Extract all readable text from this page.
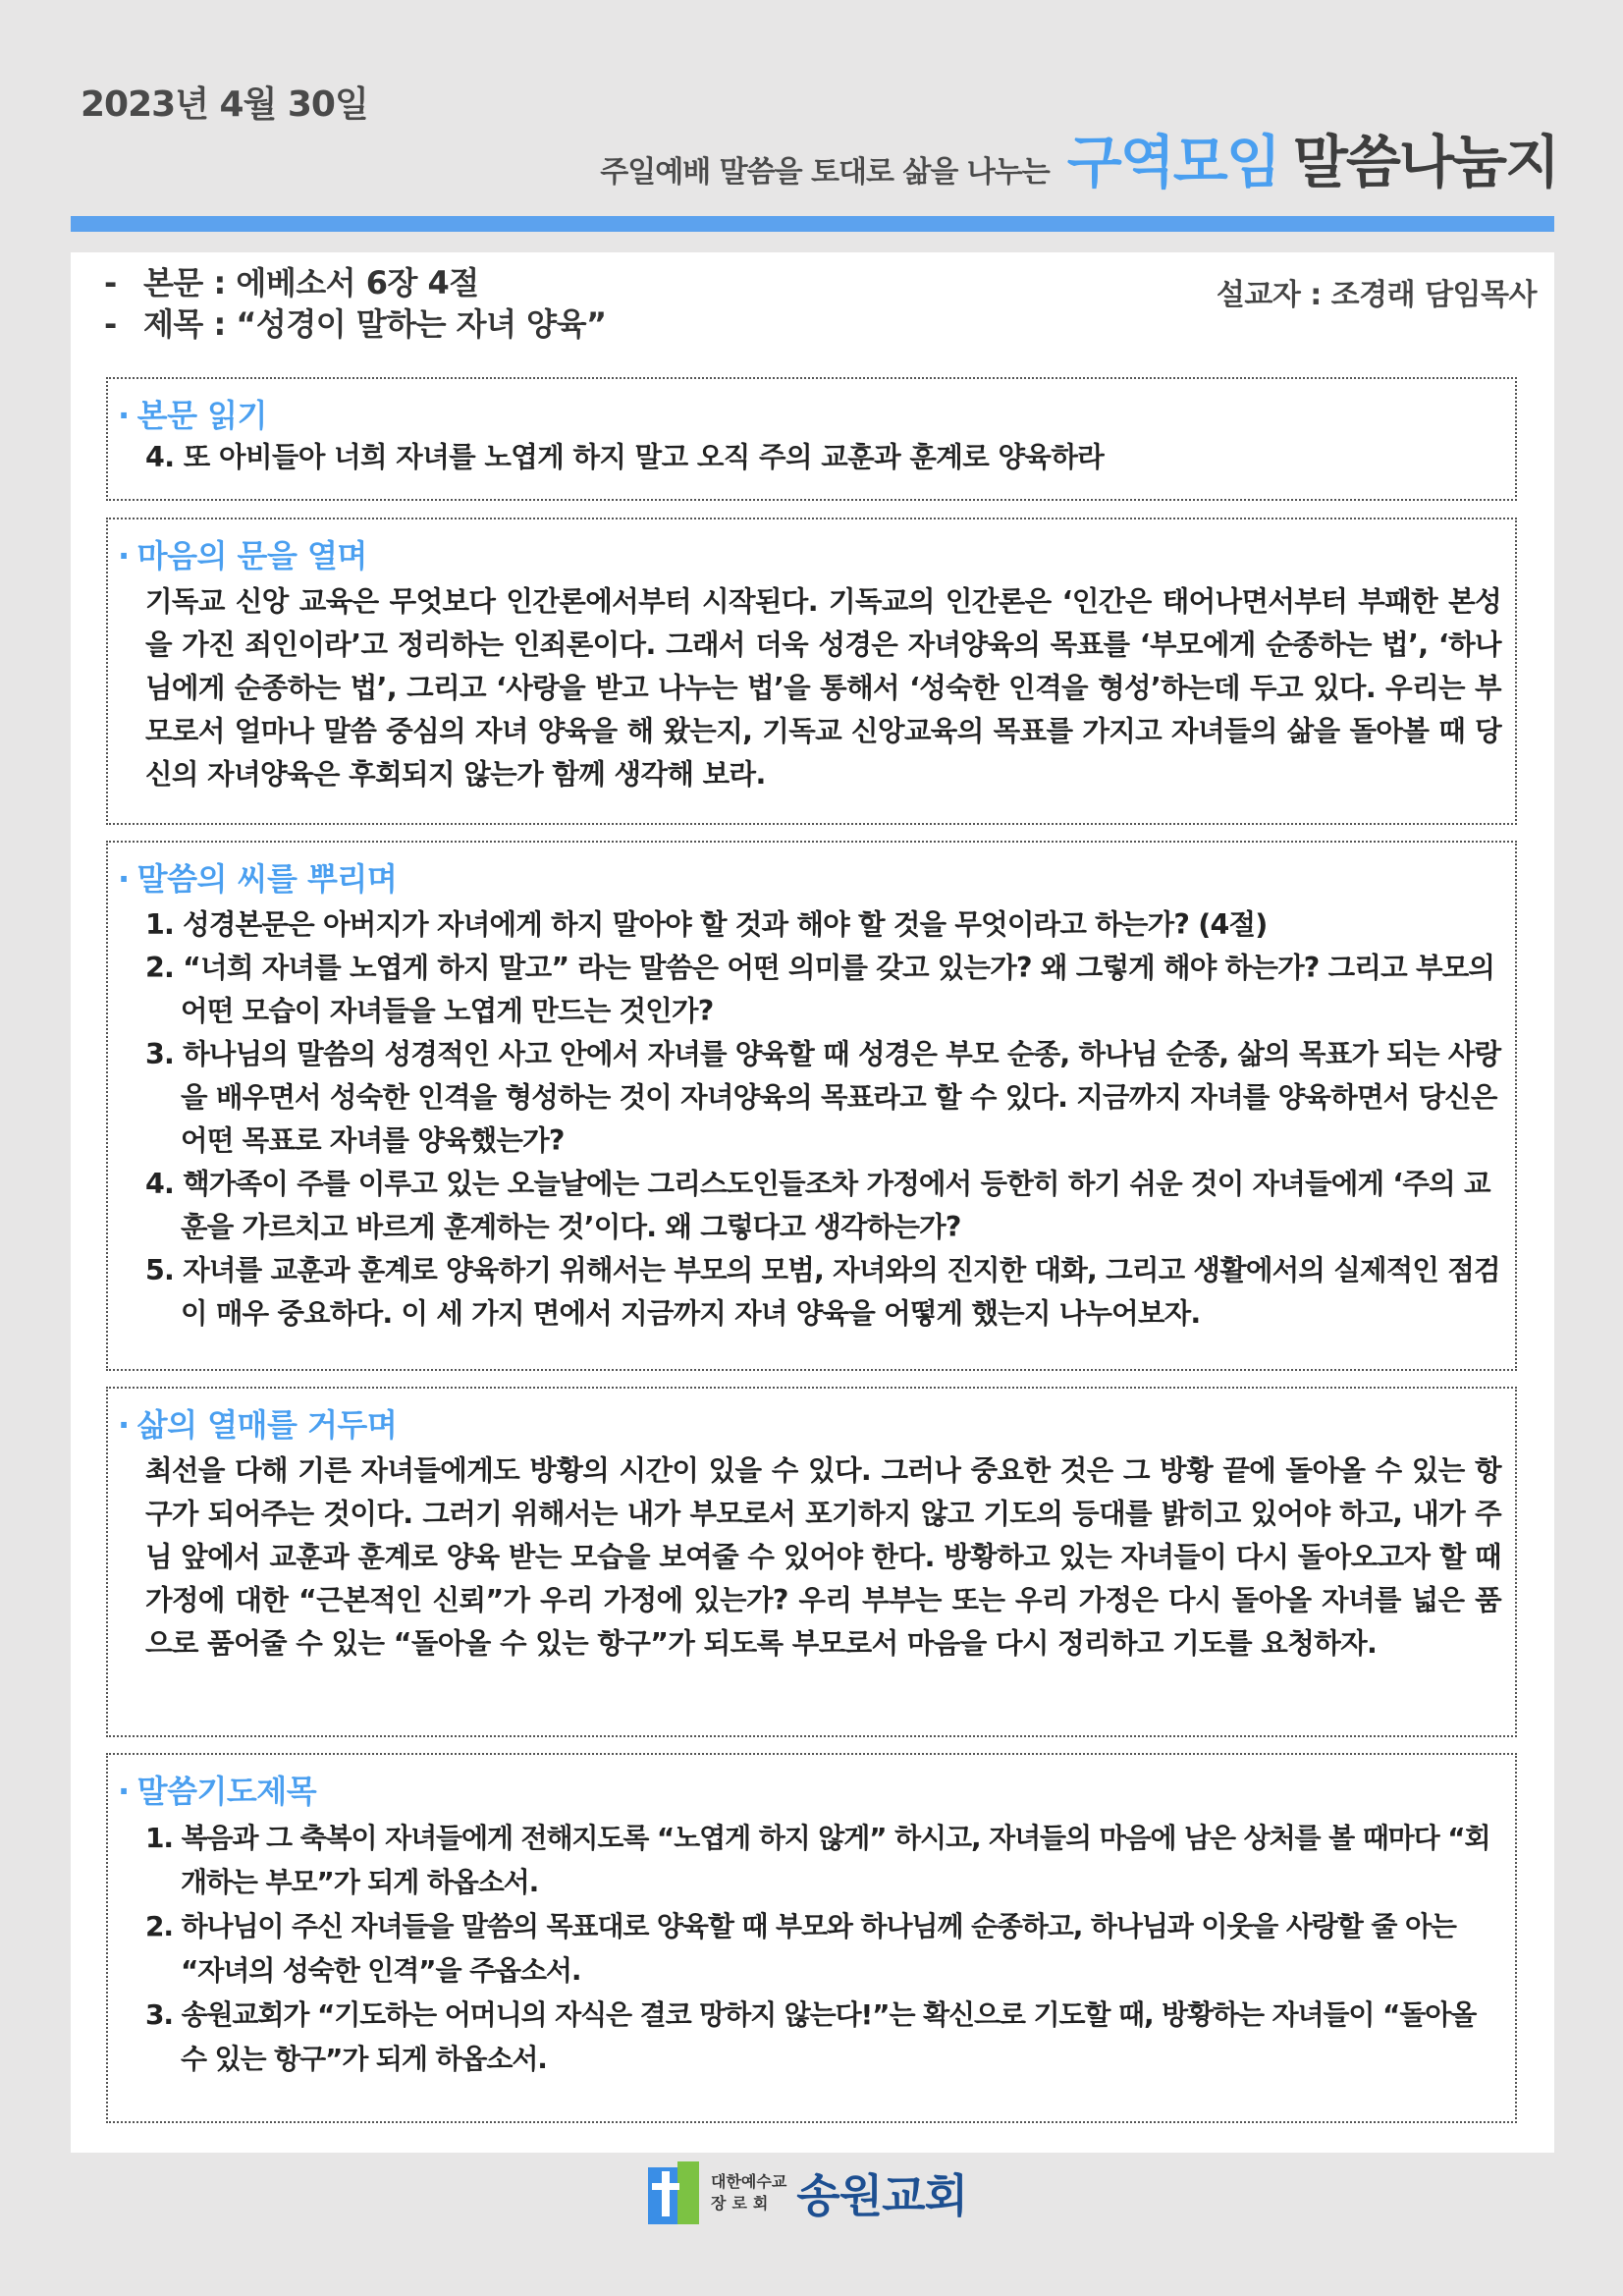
2023년 4월 30일
주일예배 말씀을 토대로 삶을 나누는 구역모임 말씀나눔지
- 본문 : 에베소서 6장 4절
- 제목 : “성경이 말하는 자녀 양육”
설교자 : 조경래 담임목사
· 본문 읽기

4. 또 아비들아 너희 자녀를 노엽게 하지 말고 오직 주의 교훈과 훈계로 양육하라

· 마음의 문을 열며

기독교 신앙 교육은 무엇보다 인간론에서부터 시작된다. 기독교의 인간론은 ‘인간은 태어나면서부터 부패한 본성을 가진 죄인이라’고 정리하는 인죄론이다. 그래서 더욱 성경은 자녀양육의 목표를 ‘부모에게 순종하는 법’, ‘하나님에게 순종하는 법’, 그리고 ‘사랑을 받고 나누는 법’을 통해서 ‘성숙한 인격을 형성’하는데 두고 있다. 우리는 부모로서 얼마나 말씀 중심의 자녀 양육을 해 왔는지, 기독교 신앙교육의 목표를 가지고 자녀들의 삶을 돌아볼 때 당신의 자녀양육은 후회되지 않는가 함께 생각해 보라.

· 말씀의 씨를 뿌리며
1. 성경본문은 아버지가 자녀에게 하지 말아야 할 것과 해야 할 것을 무엇이라고 하는가? (4절)
2. “너희 자녀를 노엽게 하지 말고” 라는 말씀은 어떤 의미를 갖고 있는가? 왜 그렇게 해야 하는가? 그리고 부모의 어떤 모습이 자녀들을 노엽게 만드는 것인가?
3. 하나님의 말씀의 성경적인 사고 안에서 자녀를 양육할 때 성경은 부모 순종, 하나님 순종, 삶의 목표가 되는 사랑을 배우면서 성숙한 인격을 형성하는 것이 자녀양육의 목표라고 할 수 있다. 지금까지 자녀를 양육하면서 당신은 어떤 목표로 자녀를 양육했는가?
4. 핵가족이 주를 이루고 있는 오늘날에는 그리스도인들조차 가정에서 등한히 하기 쉬운 것이 자녀들에게 ‘주의 교훈을 가르치고 바르게 훈계하는 것’이다. 왜 그렇다고 생각하는가?
5. 자녀를 교훈과 훈계로 양육하기 위해서는 부모의 모범, 자녀와의 진지한 대화, 그리고 생활에서의 실제적인 점검이 매우 중요하다. 이 세 가지 면에서 지금까지 자녀 양육을 어떻게 했는지 나누어보자.
· 삶의 열매를 거두며

최선을 다해 기른 자녀들에게도 방황의 시간이 있을 수 있다. 그러나 중요한 것은 그 방황 끝에 돌아올 수 있는 항구가 되어주는 것이다. 그러기 위해서는 내가 부모로서 포기하지 않고 기도의 등대를 밝히고 있어야 하고, 내가 주님 앞에서 교훈과 훈계로 양육 받는 모습을 보여줄 수 있어야 한다. 방황하고 있는 자녀들이 다시 돌아오고자 할 때 가정에 대한 “근본적인 신뢰”가 우리 가정에 있는가? 우리 부부는 또는 우리 가정은 다시 돌아올 자녀를 넓은 품으로 품어줄 수 있는 “돌아올 수 있는 항구”가 되도록 부모로서 마음을 다시 정리하고 기도를 요청하자.

· 말씀기도제목
1. 복음과 그 축복이 자녀들에게 전해지도록 “노엽게 하지 않게” 하시고, 자녀들의 마음에 남은 상처를 볼 때마다 “회개하는 부모”가 되게 하옵소서.
2. 하나님이 주신 자녀들을 말씀의 목표대로 양육할 때 부모와 하나님께 순종하고, 하나님과 이웃을 사랑할 줄 아는 “자녀의 성숙한 인격”을 주옵소서.
3. 송원교회가 “기도하는 어머니의 자식은 결코 망하지 않는다!”는 확신으로 기도할 때, 방황하는 자녀들이 “돌아올 수 있는 항구”가 되게 하옵소서.
대한예수교
장로회 송원교회
